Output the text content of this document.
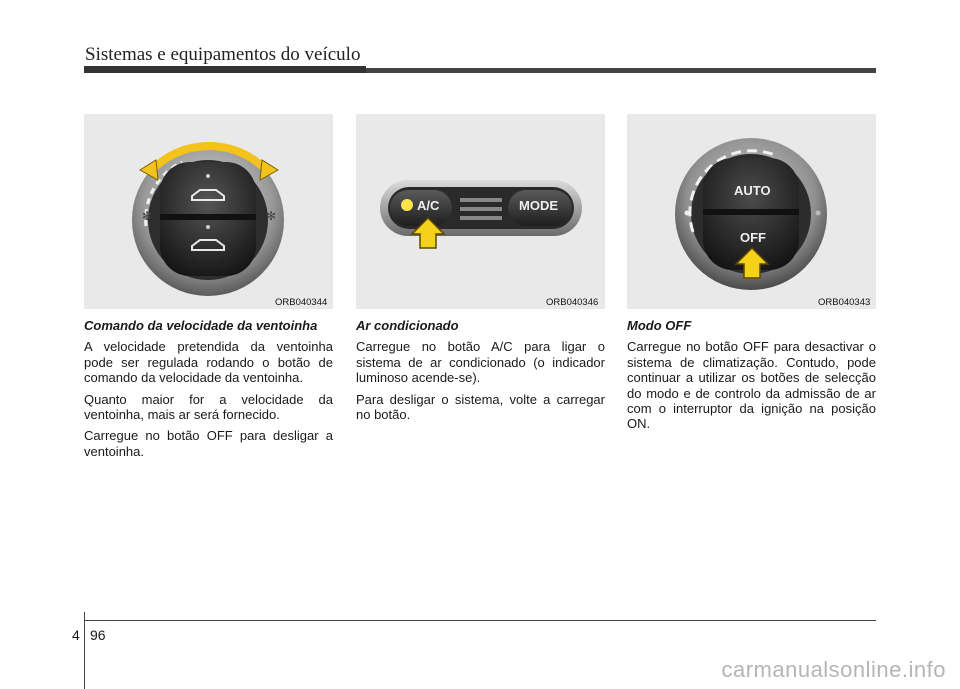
Sistemas e equipamentos do veículo
✻	✻
ORB040344
A/C	MODE
ORB040346
AUTO
OFF
ORB040343
Comando da velocidade da ventoinha

A velocidade pretendida da ventoinha pode ser regulada rodando o botão de comando da velocidade da ventoinha.

Quanto maior for a velocidade da ventoinha, mais ar será fornecido.

Carregue no botão OFF para desligar a ventoinha.

Ar condicionado

Carregue no botão A/C para ligar o sistema de ar condicionado (o indicador luminoso acende-se).

Para desligar o sistema, volte a carregar no botão.

Modo OFF

Carregue no botão OFF para desactivar o sistema de climatização. Contudo, pode continuar a utilizar os botões de selecção do modo e de controlo da admissão de ar com o interruptor da ignição na posição ON.

4 96
carmanualsonline.info
